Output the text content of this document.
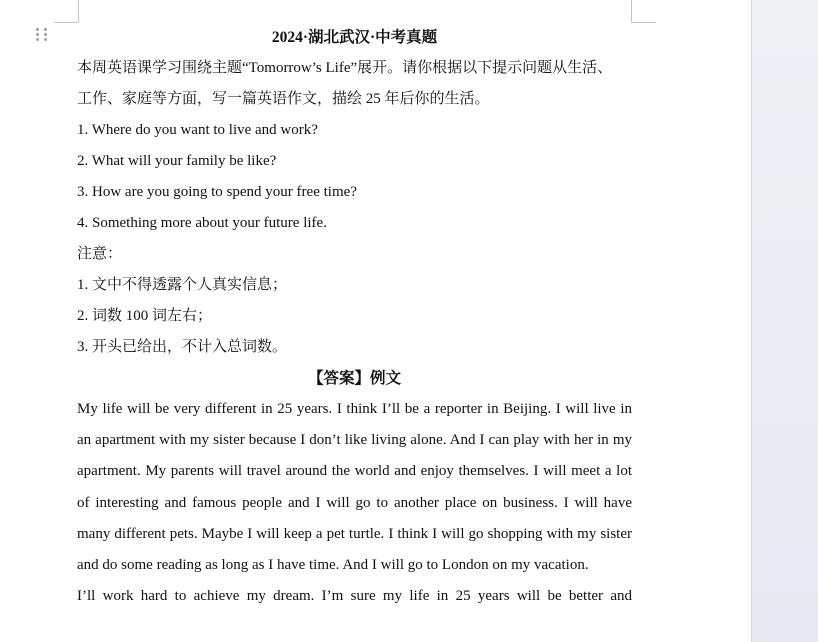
2024·湖北武汉·中考真题
本周英语课学习围绕主题“Tomorrow’s Life”展开。请你根据以下提示问题从生活、
工作、家庭等方面，写一篇英语作文，描绘 25 年后你的生活。
1. Where do you want to live and work?
2. What will your family be like?
3. How are you going to spend your free time?
4. Something more about your future life.
注意：
1. 文中不得透露个人真实信息；
2. 词数 100 词左右；
3. 开头已给出，不计入总词数。
【答案】例文
My life will be very different in 25 years. I think I’ll be a reporter in Beijing. I will live in an apartment with my sister because I don’t like living alone. And I can play with her in my apartment. My parents will travel around the world and enjoy themselves. I will meet a lot of interesting and famous people and I will go to another place on business. I will have many different pets. Maybe I will keep a pet turtle. I think I will go shopping with my sister and do some reading as long as I have time. And I will go to London on my vacation.
I’ll work hard to achieve my dream. I’m sure my life in 25 years will be better and
